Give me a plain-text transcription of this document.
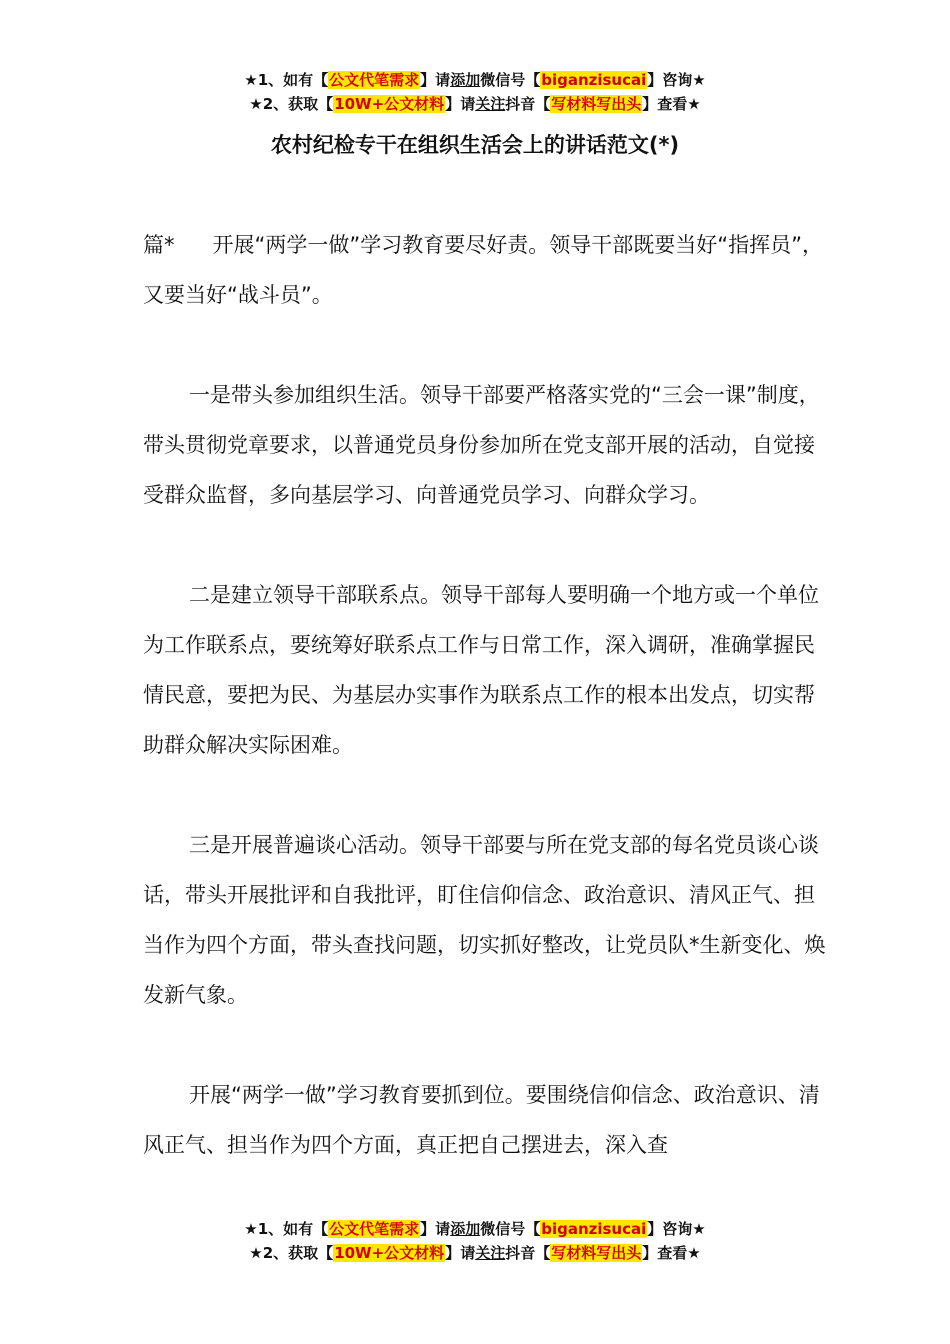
★1、如有【公文代笔需求】请添加微信号【biganzisucai】咨询★
★2、获取【10W+公文材料】请关注抖音【写材料写出头】查看★
农村纪检专干在组织生活会上的讲话范文(*)

篇* 开展“两学一做”学习教育要尽好责。领导干部既要当好“指挥员”，又要当好“战斗员”。

一是带头参加组织生活。领导干部要严格落实党的“三会一课”制度，带头贯彻党章要求，以普通党员身份参加所在党支部开展的活动，自觉接受群众监督，多向基层学习、向普通党员学习、向群众学习。

二是建立领导干部联系点。领导干部每人要明确一个地方或一个单位为工作联系点，要统筹好联系点工作与日常工作，深入调研，准确掌握民情民意，要把为民、为基层办实事作为联系点工作的根本出发点，切实帮助群众解决实际困难。

三是开展普遍谈心活动。领导干部要与所在党支部的每名党员谈心谈话，带头开展批评和自我批评，盯住信仰信念、政治意识、清风正气、担当作为四个方面，带头查找问题，切实抓好整改，让党员队*生新变化、焕发新气象。

开展“两学一做”学习教育要抓到位。要围绕信仰信念、政治意识、清风正气、担当作为四个方面，真正把自己摆进去，深入查

★1、如有【公文代笔需求】请添加微信号【biganzisucai】咨询★
★2、获取【10W+公文材料】请关注抖音【写材料写出头】查看★
